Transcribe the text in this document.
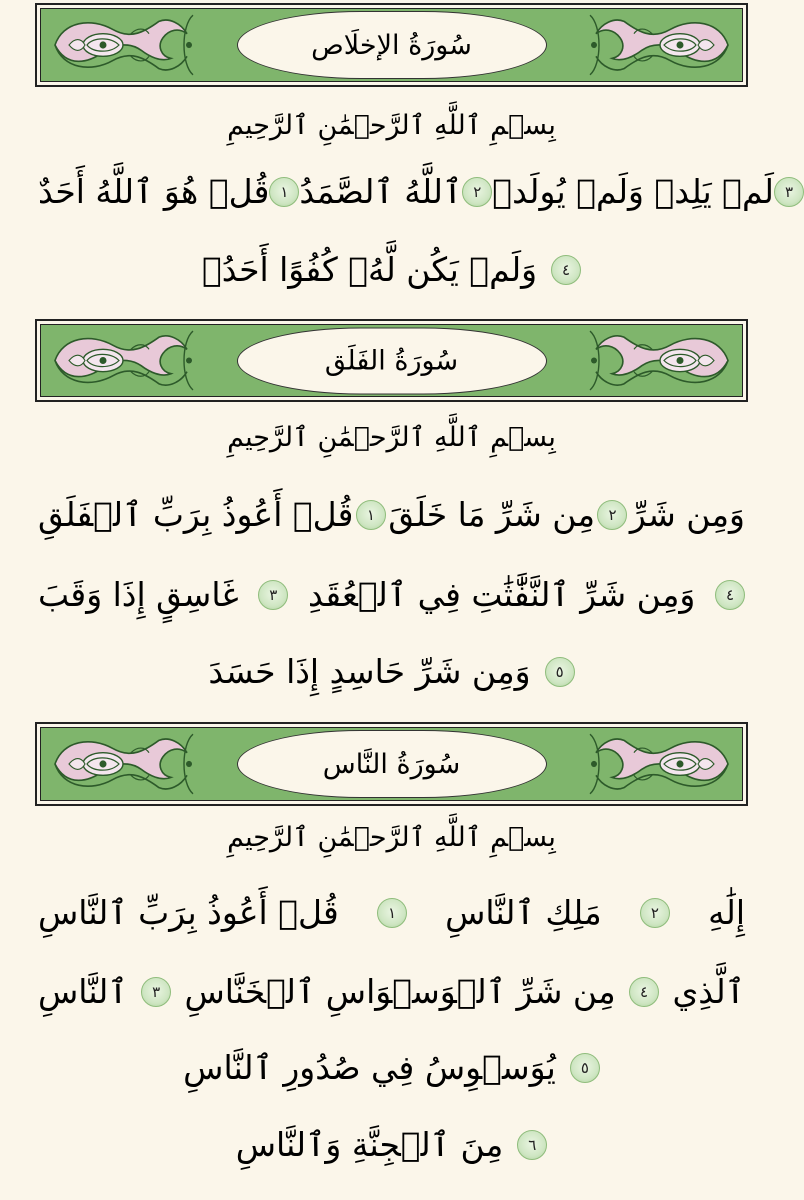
سُورَةُ الإخلَاص
بِسۡمِ ٱللَّهِ ٱلرَّحۡمَٰنِ ٱلرَّحِيمِ
قُلۡ هُوَ ٱللَّهُ أَحَدٌ ١ ٱللَّهُ ٱلصَّمَدُ ٢ لَمۡ يَلِدۡ وَلَمۡ يُولَدۡ ٣
وَلَمۡ يَكُن لَّهُۥ كُفُوًا أَحَدُۢ	٤
سُورَةُ الفَلَق
بِسۡمِ ٱللَّهِ ٱلرَّحۡمَٰنِ ٱلرَّحِيمِ
قُلۡ أَعُوذُ بِرَبِّ ٱلۡفَلَقِ ١ مِن شَرِّ مَا خَلَقَ ٢ وَمِن شَرِّ
غَاسِقٍ إِذَا وَقَبَ	٣ وَمِن شَرِّ ٱلنَّفَّٰثَٰتِ فِي ٱلۡعُقَدِ	٤
وَمِن شَرِّ حَاسِدٍ إِذَا حَسَدَ	٥
سُورَةُ النَّاس
بِسۡمِ ٱللَّهِ ٱلرَّحۡمَٰنِ ٱلرَّحِيمِ
قُلۡ أَعُوذُ بِرَبِّ ٱلنَّاسِ	١	مَلِكِ ٱلنَّاسِ	٢	إِلَٰهِ
ٱلنَّاسِ	٣ مِن شَرِّ ٱلۡوَسۡوَاسِ ٱلۡخَنَّاسِ	٤ ٱلَّذِي
يُوَسۡوِسُ فِي صُدُورِ ٱلنَّاسِ	٥
مِنَ ٱلۡجِنَّةِ وَٱلنَّاسِ	٦
